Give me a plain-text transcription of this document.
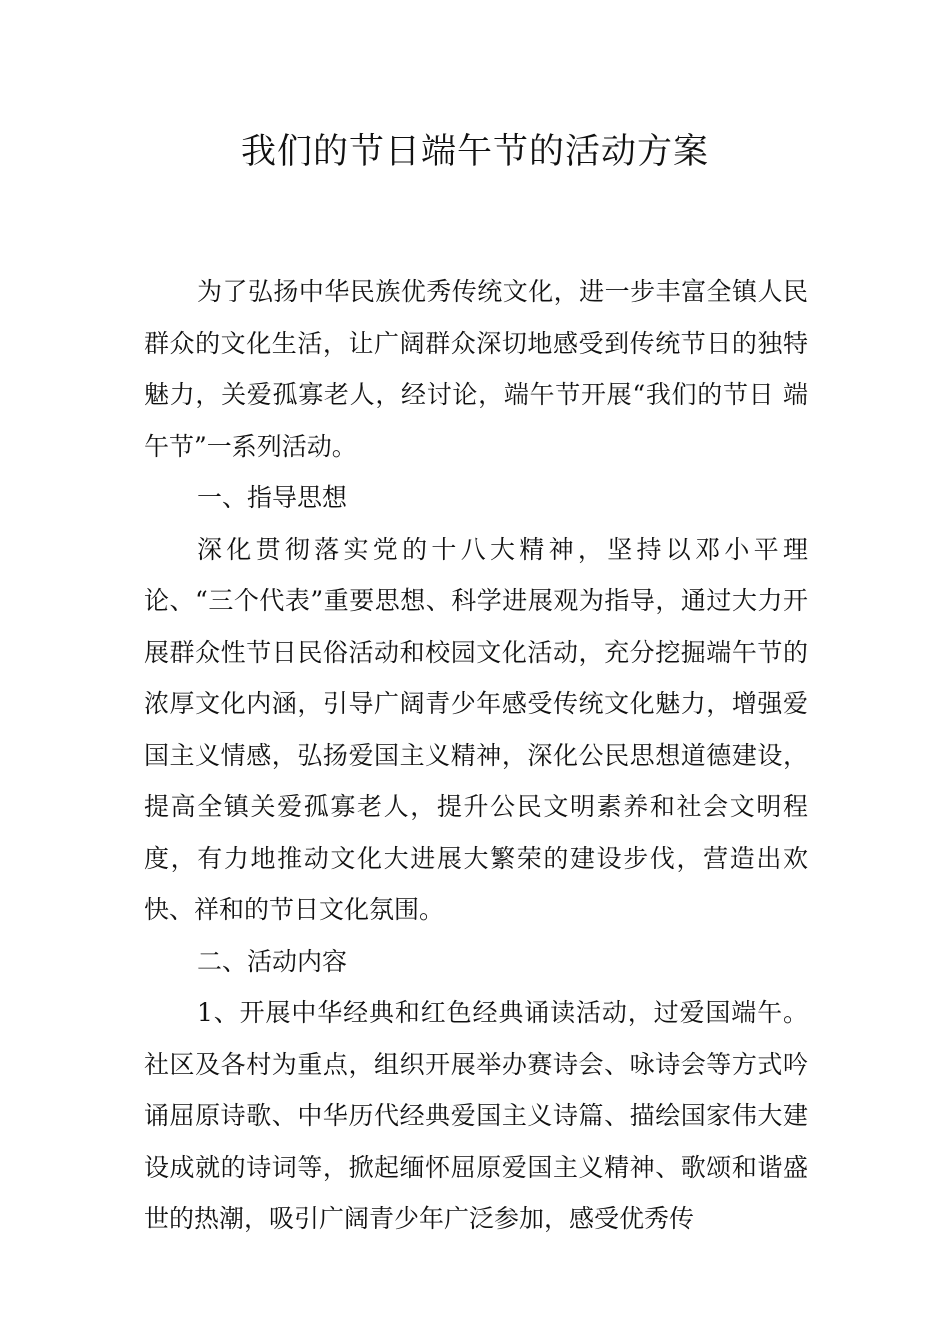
我们的节日端午节的活动方案

为了弘扬中华民族优秀传统文化，进一步丰富全镇人民群众的文化生活，让广阔群众深切地感受到传统节日的独特魅力，关爱孤寡老人，经讨论，端午节开展“我们的节日 端午节”一系列活动。

一、指导思想

深化贯彻落实党的十八大精神，坚持以邓小平理论、“三个代表”重要思想、科学进展观为指导，通过大力开展群众性节日民俗活动和校园文化活动，充分挖掘端午节的浓厚文化内涵，引导广阔青少年感受传统文化魅力，增强爱国主义情感，弘扬爱国主义精神，深化公民思想道德建设，提高全镇关爱孤寡老人，提升公民文明素养和社会文明程度，有力地推动文化大进展大繁荣的建设步伐，营造出欢快、祥和的节日文化氛围。

二、活动内容

1、开展中华经典和红色经典诵读活动，过爱国端午。社区及各村为重点，组织开展举办赛诗会、咏诗会等方式吟诵屈原诗歌、中华历代经典爱国主义诗篇、描绘国家伟大建设成就的诗词等，掀起缅怀屈原爱国主义精神、歌颂和谐盛世的热潮，吸引广阔青少年广泛参加，感受优秀传
